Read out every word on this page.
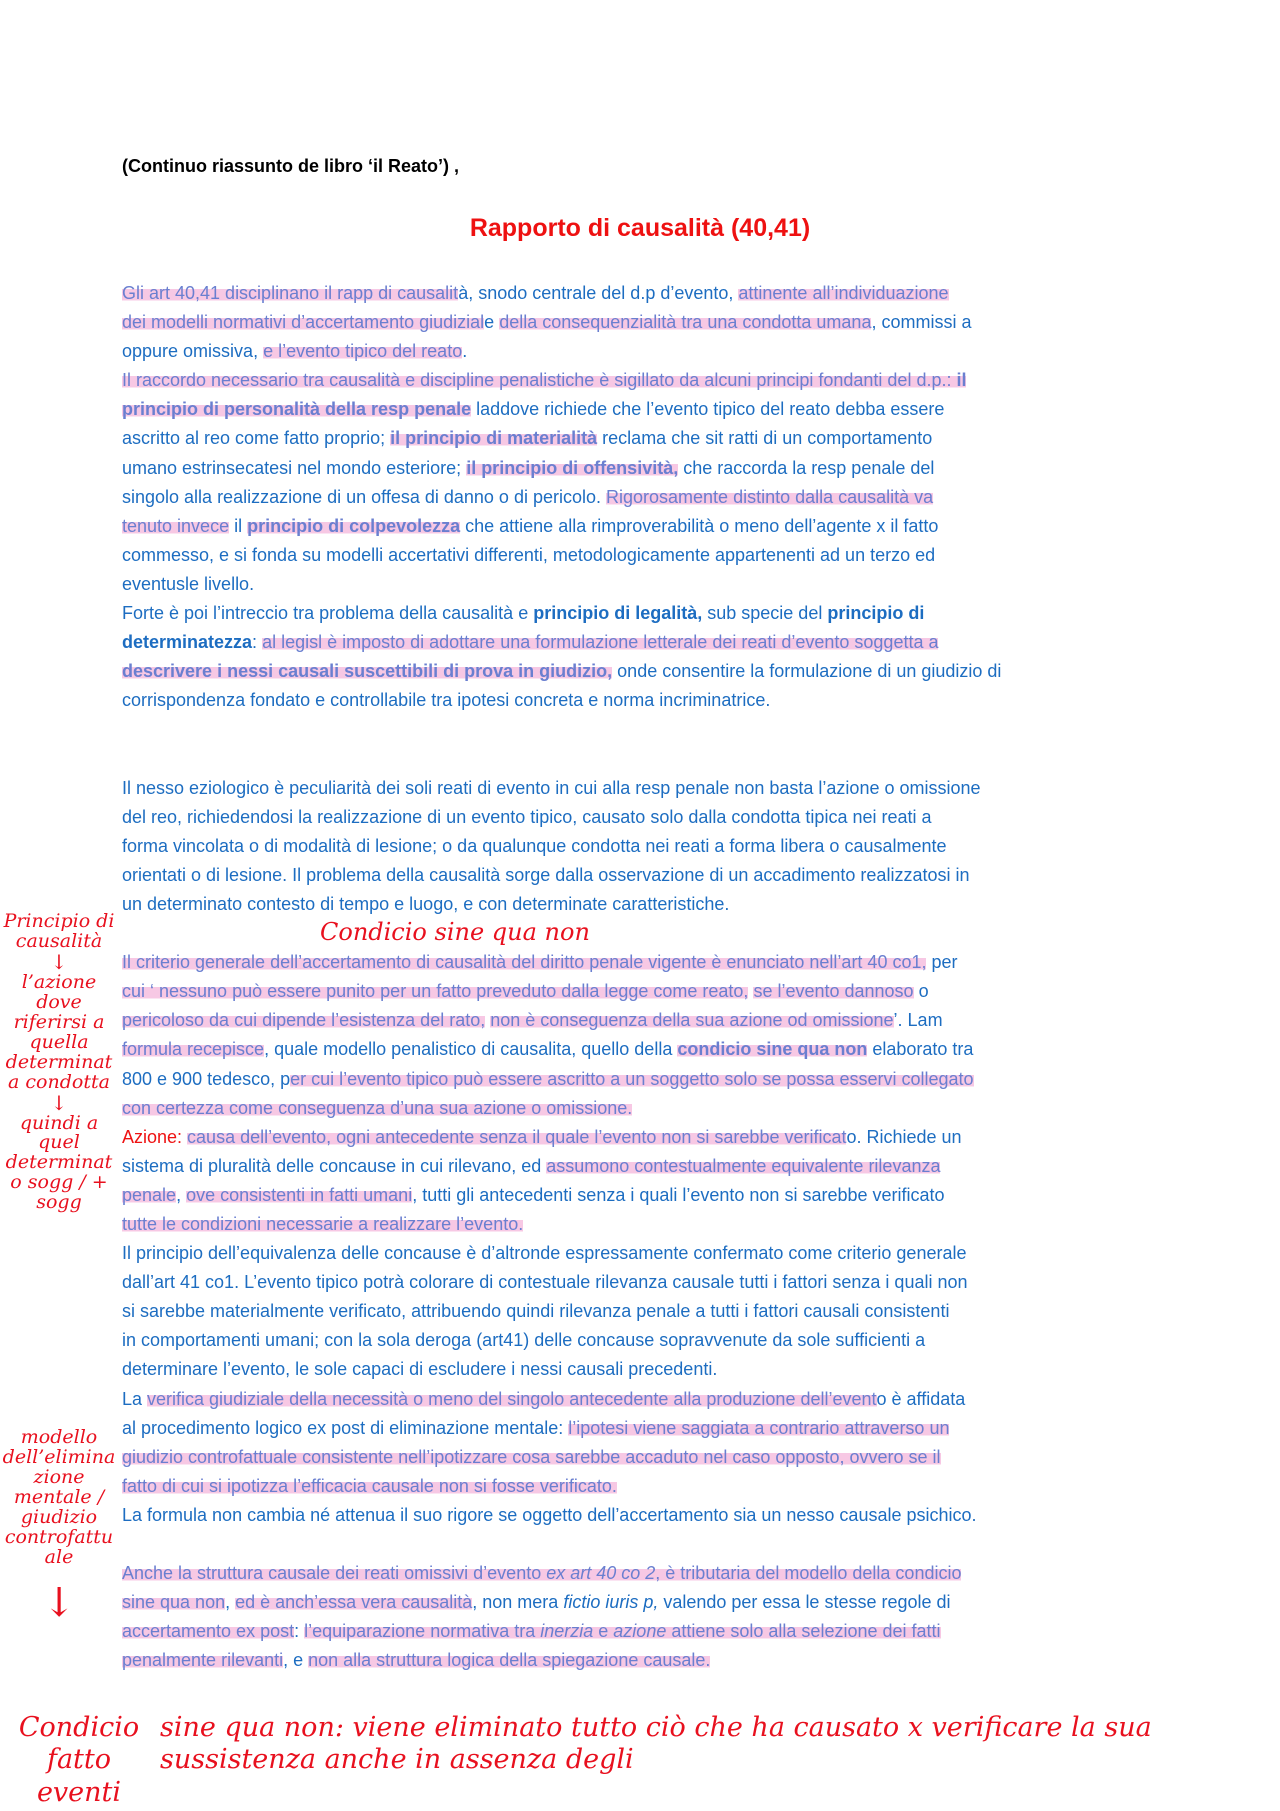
(Continuo riassunto de libro ‘il Reato’) ,
Rapporto di causalità (40,41)
Gli art 40,41 disciplinano il rapp di causalità, snodo centrale del d.p d’evento, attinente all’individuazione
dei modelli normativi d’accertamento giudiziale della consequenzialità tra una condotta umana, commissi a
oppure omissiva, e l’evento tipico del reato.
Il raccordo necessario tra causalità e discipline penalistiche è sigillato da alcuni principi fondanti del d.p.: il
principio di personalità della resp penale laddove richiede che l’evento tipico del reato debba essere
ascritto al reo come fatto proprio; il principio di materialità reclama che sit ratti di un comportamento
umano estrinsecatesi nel mondo esteriore; il principio di offensività, che raccorda la resp penale del
singolo alla realizzazione di un offesa di danno o di pericolo. Rigorosamente distinto dalla causalità va
tenuto invece il principio di colpevolezza che attiene alla rimproverabilità o meno dell’agente x il fatto
commesso, e si fonda su modelli accertativi differenti, metodologicamente appartenenti ad un terzo ed
eventusle livello.
Forte è poi l’intreccio tra problema della causalità e principio di legalità, sub specie del principio di
determinatezza: al legisl è imposto di adottare una formulazione letterale dei reati d’evento soggetta a
descrivere i nessi causali suscettibili di prova in giudizio, onde consentire la formulazione di un giudizio di
corrispondenza fondato e controllabile tra ipotesi concreta e norma incriminatrice.
Il nesso eziologico è peculiarità dei soli reati di evento in cui alla resp penale non basta l’azione o omissione
del reo, richiedendosi la realizzazione di un evento tipico, causato solo dalla condotta tipica nei reati a
forma vincolata o di modalità di lesione; o da qualunque condotta nei reati a forma libera o causalmente
orientati o di lesione. Il problema della causalità sorge dalla osservazione di un accadimento realizzatosi in
un determinato contesto di tempo e luogo, e con determinate caratteristiche.
Il criterio generale dell’accertamento di causalità del diritto penale vigente è enunciato nell’art 40 co1, per
cui ‘ nessuno può essere punito per un fatto preveduto dalla legge come reato, se l’evento dannoso o
pericoloso da cui dipende l’esistenza del rato, non è conseguenza della sua azione od omissione’. Lam
formula recepisce, quale modello penalistico di causalita, quello della condicio sine qua non elaborato tra
800 e 900 tedesco, per cui l’evento tipico può essere ascritto a un soggetto solo se possa esservi collegato
con certezza come conseguenza d’una sua azione o omissione.
Azione: causa dell’evento, ogni antecedente senza il quale l’evento non si sarebbe verificato. Richiede un
sistema di pluralità delle concause in cui rilevano, ed assumono contestualmente equivalente rilevanza
penale, ove consistenti in fatti umani, tutti gli antecedenti senza i quali l’evento non si sarebbe verificato
tutte le condizioni necessarie a realizzare l’evento.
Il principio dell’equivalenza delle concause è d’altronde espressamente confermato come criterio generale
dall’art 41 co1. L’evento tipico potrà colorare di contestuale rilevanza causale tutti i fattori senza i quali non
si sarebbe materialmente verificato, attribuendo quindi rilevanza penale a tutti i fattori causali consistenti
in comportamenti umani; con la sola deroga (art41) delle concause sopravvenute da sole sufficienti a
determinare l’evento, le sole capaci di escludere i nessi causali precedenti.
La verifica giudiziale della necessità o meno del singolo antecedente alla produzione dell’evento è affidata
al procedimento logico ex post di eliminazione mentale: l’ipotesi viene saggiata a contrario attraverso un
giudizio controfattuale consistente nell’ipotizzare cosa sarebbe accaduto nel caso opposto, ovvero se il
fatto di cui si ipotizza l’efficacia causale non si fosse verificato.
La formula non cambia né attenua il suo rigore se oggetto dell’accertamento sia un nesso causale psichico.
Anche la struttura causale dei reati omissivi d’evento ex art 40 co 2, è tributaria del modello della condicio
sine qua non, ed è anch’essa vera causalità, non mera fictio iuris p, valendo per essa le stesse regole di
accertamento ex post: l’equiparazione normativa tra inerzia e azione attiene solo alla selezione dei fatti
penalmente rilevanti, e non alla struttura logica della spiegazione causale.
Condicio sine qua non
Principio di causalità
↓
l’azione dove riferirsi a quella determinata condotta
↓
quindi a quel determinato sogg / + sogg
modello dell’eliminazione mentale / giudizio controfattuale
↓
Condicio fatto eventi
sine qua non: viene eliminato tutto ciò che ha causato x verificare la sua sussistenza anche in assenza degli
